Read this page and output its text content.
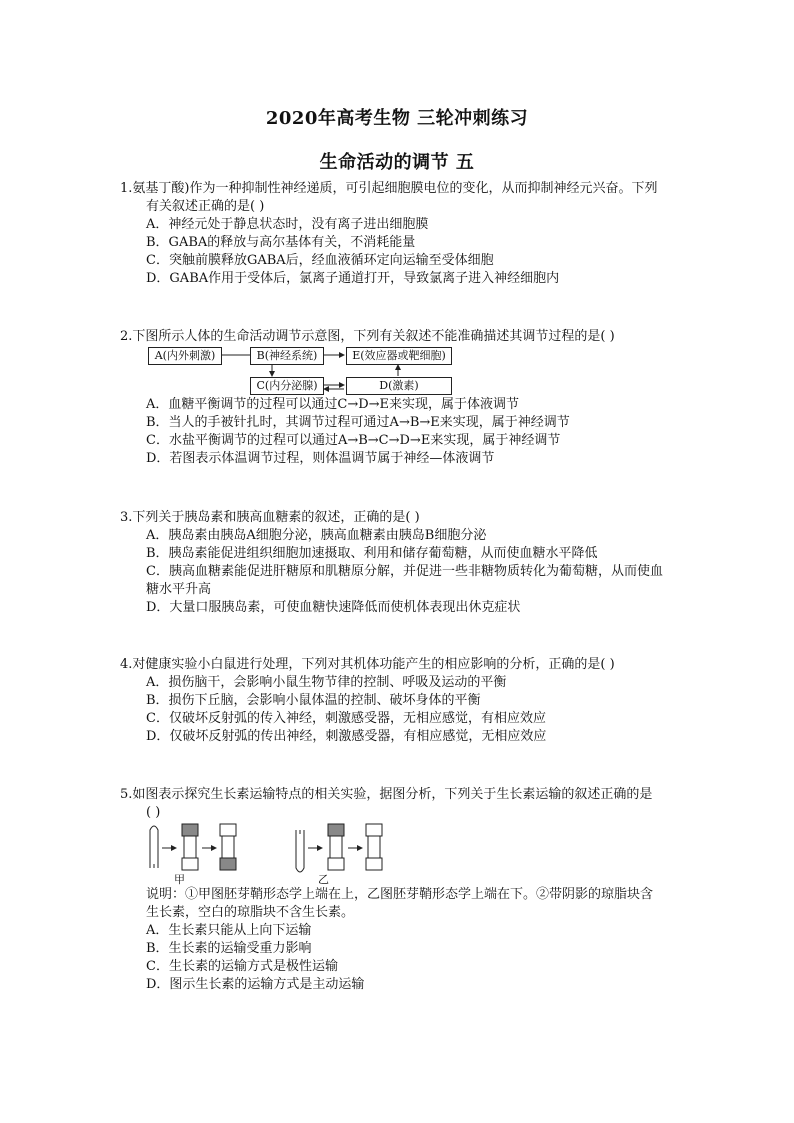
2020年高考生物 三轮冲刺练习
生命活动的调节 五

1.氨基丁酸)作为一种抑制性神经递质，可引起细胞膜电位的变化，从而抑制神经元兴奋。下列

有关叙述正确的是( )

A．神经元处于静息状态时，没有离子进出细胞膜

B．GABA的释放与高尔基体有关，不消耗能量

C．突触前膜释放GABA后，经血液循环定向运输至受体细胞

D．GABA作用于受体后，氯离子通道打开，导致氯离子进入神经细胞内

2.下图所示人体的生命活动调节示意图，下列有关叙述不能准确描述其调节过程的是( )

A(内外刺激)	B(神经系统)	E(效应器或靶细胞)
C(内分泌腺)	D(激素)

A．血糖平衡调节的过程可以通过C→D→E来实现，属于体液调节

B．当人的手被针扎时，其调节过程可通过A→B→E来实现，属于神经调节

C．水盐平衡调节的过程可以通过A→B→C→D→E来实现，属于神经调节

D．若图表示体温调节过程，则体温调节属于神经—体液调节

3.下列关于胰岛素和胰高血糖素的叙述，正确的是( )

A．胰岛素由胰岛A细胞分泌，胰高血糖素由胰岛B细胞分泌

B．胰岛素能促进组织细胞加速摄取、利用和储存葡萄糖，从而使血糖水平降低

C．胰高血糖素能促进肝糖原和肌糖原分解，并促进一些非糖物质转化为葡萄糖，从而使血

糖水平升高

D．大量口服胰岛素，可使血糖快速降低而使机体表现出休克症状

4.对健康实验小白鼠进行处理，下列对其机体功能产生的相应影响的分析，正确的是( )

A．损伤脑干，会影响小鼠生物节律的控制、呼吸及运动的平衡

B．损伤下丘脑，会影响小鼠体温的控制、破坏身体的平衡

C．仅破坏反射弧的传入神经，刺激感受器，无相应感觉，有相应效应

D．仅破坏反射弧的传出神经，刺激感受器，有相应感觉，无相应效应

5.如图表示探究生长素运输特点的相关实验，据图分析，下列关于生长素运输的叙述正确的是

( )

甲	乙

说明：①甲图胚芽鞘形态学上端在上，乙图胚芽鞘形态学上端在下。②带阴影的琼脂块含

生长素，空白的琼脂块不含生长素。

A．生长素只能从上向下运输

B．生长素的运输受重力影响

C．生长素的运输方式是极性运输

D．图示生长素的运输方式是主动运输
